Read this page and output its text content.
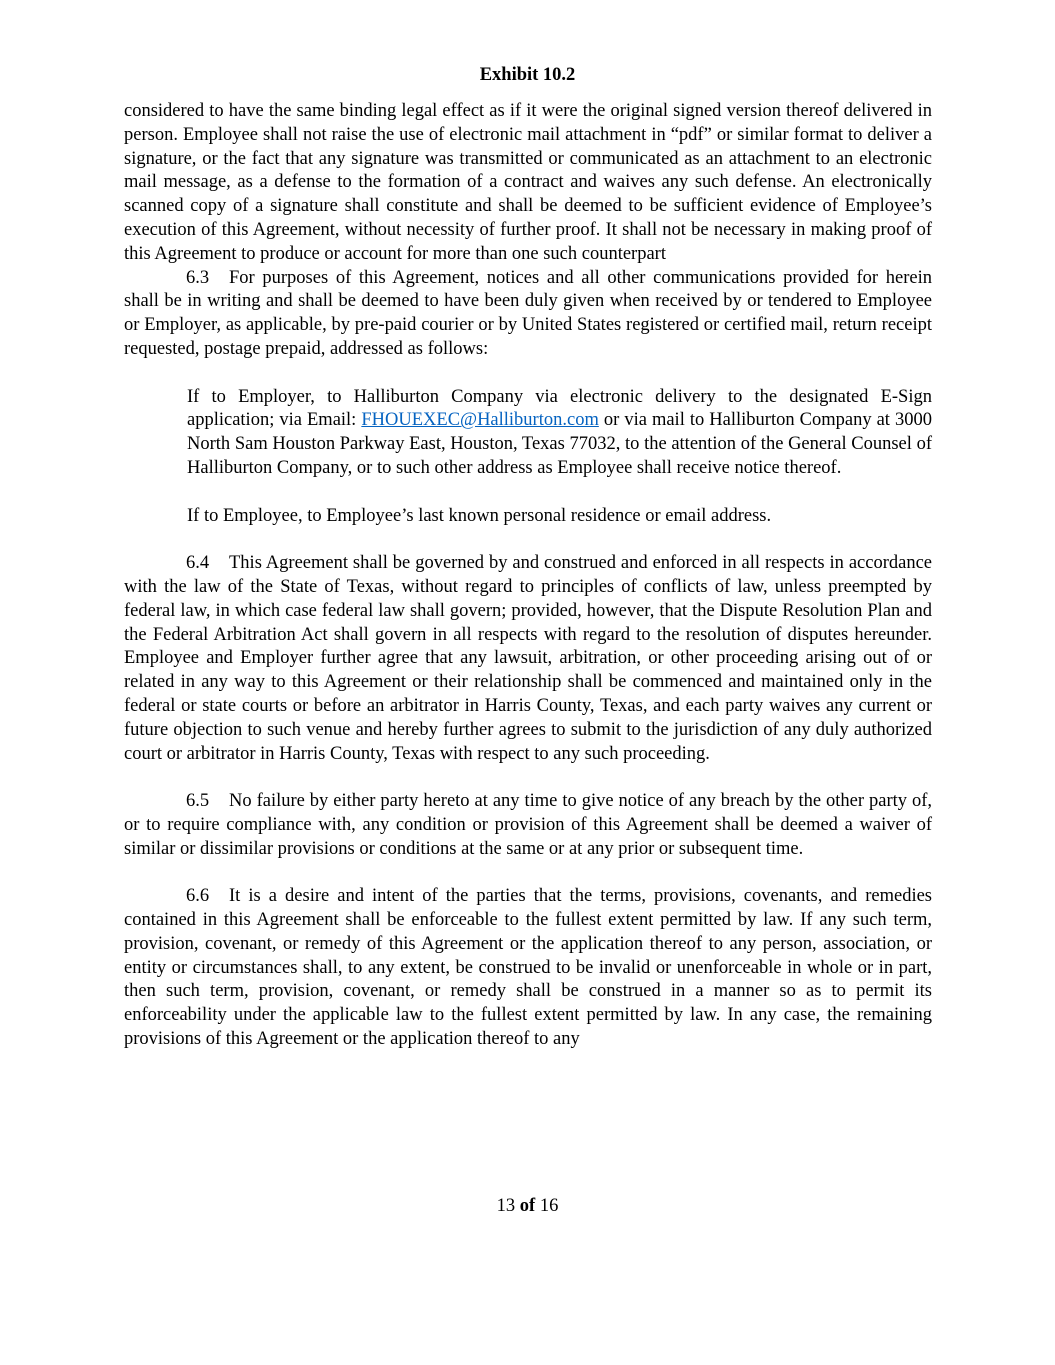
Exhibit 10.2

considered to have the same binding legal effect as if it were the original signed version thereof delivered in person. Employee shall not raise the use of electronic mail attachment in “pdf” or similar format to deliver a signature, or the fact that any signature was transmitted or communicated as an attachment to an electronic mail message, as a defense to the formation of a contract and waives any such defense. An electronically scanned copy of a signature shall constitute and shall be deemed to be sufficient evidence of Employee’s execution of this Agreement, without necessity of further proof. It shall not be necessary in making proof of this Agreement to produce or account for more than one such counterpart

6.3 For purposes of this Agreement, notices and all other communications provided for herein shall be in writing and shall be deemed to have been duly given when received by or tendered to Employee or Employer, as applicable, by pre-paid courier or by United States registered or certified mail, return receipt requested, postage prepaid, addressed as follows:

If to Employer, to Halliburton Company via electronic delivery to the designated E-Sign application; via Email: FHOUEXEC@Halliburton.com or via mail to Halliburton Company at 3000 North Sam Houston Parkway East, Houston, Texas 77032, to the attention of the General Counsel of Halliburton Company, or to such other address as Employee shall receive notice thereof.

If to Employee, to Employee’s last known personal residence or email address.

6.4 This Agreement shall be governed by and construed and enforced in all respects in accordance with the law of the State of Texas, without regard to principles of conflicts of law, unless preempted by federal law, in which case federal law shall govern; provided, however, that the Dispute Resolution Plan and the Federal Arbitration Act shall govern in all respects with regard to the resolution of disputes hereunder. Employee and Employer further agree that any lawsuit, arbitration, or other proceeding arising out of or related in any way to this Agreement or their relationship shall be commenced and maintained only in the federal or state courts or before an arbitrator in Harris County, Texas, and each party waives any current or future objection to such venue and hereby further agrees to submit to the jurisdiction of any duly authorized court or arbitrator in Harris County, Texas with respect to any such proceeding.

6.5 No failure by either party hereto at any time to give notice of any breach by the other party of, or to require compliance with, any condition or provision of this Agreement shall be deemed a waiver of similar or dissimilar provisions or conditions at the same or at any prior or subsequent time.

6.6 It is a desire and intent of the parties that the terms, provisions, covenants, and remedies contained in this Agreement shall be enforceable to the fullest extent permitted by law. If any such term, provision, covenant, or remedy of this Agreement or the application thereof to any person, association, or entity or circumstances shall, to any extent, be construed to be invalid or unenforceable in whole or in part, then such term, provision, covenant, or remedy shall be construed in a manner so as to permit its enforceability under the applicable law to the fullest extent permitted by law. In any case, the remaining provisions of this Agreement or the application thereof to any

13 of 16
